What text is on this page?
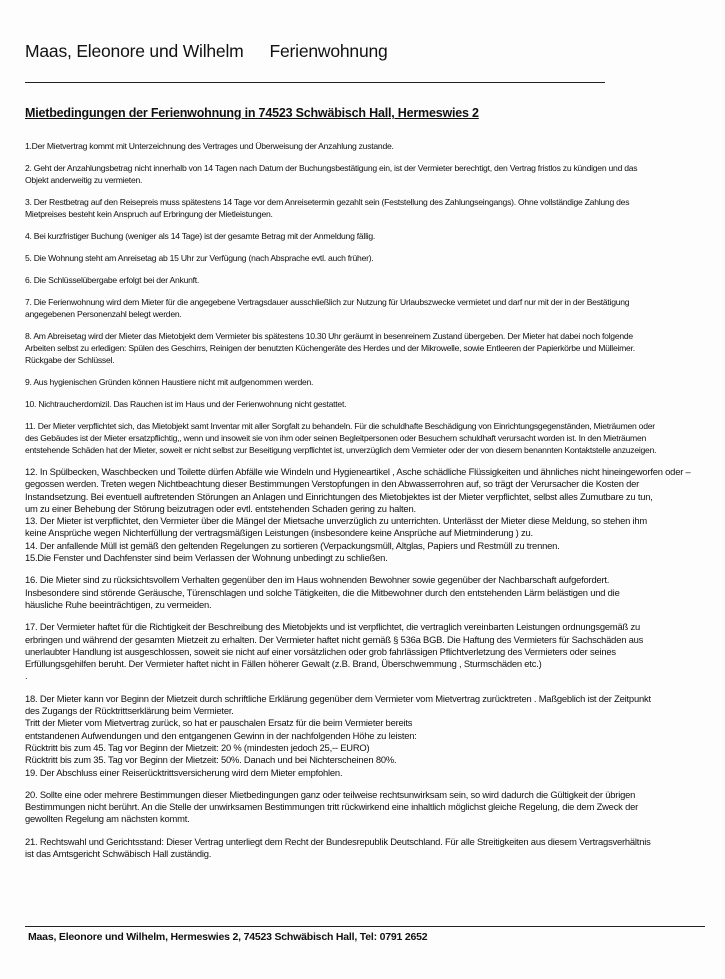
Maas, Eleonore und Wilhelm Ferienwohnung
Mietbedingungen der Ferienwohnung in 74523 Schwäbisch Hall, Hermeswies 2
1.Der Mietvertrag kommt mit Unterzeichnung des Vertrages und Überweisung der Anzahlung zustande.
2. Geht der Anzahlungsbetrag nicht innerhalb von 14 Tagen nach Datum der Buchungsbestätigung ein, ist der Vermieter berechtigt, den Vertrag fristlos zu kündigen und das
Objekt anderweitig zu vermieten.
3. Der Restbetrag auf den Reisepreis muss spätestens 14 Tage vor dem Anreisetermin gezahlt sein (Feststellung des Zahlungseingangs). Ohne vollständige Zahlung des
Mietpreises besteht kein Anspruch auf Erbringung der Mietleistungen.
4. Bei kurzfristiger Buchung (weniger als 14 Tage) ist der gesamte Betrag mit der Anmeldung fällig.
5. Die Wohnung steht am Anreisetag ab 15 Uhr zur Verfügung (nach Absprache evtl. auch früher).
6. Die Schlüsselübergabe erfolgt bei der Ankunft.
7. Die Ferienwohnung wird dem Mieter für die angegebene Vertragsdauer ausschließlich zur Nutzung für Urlaubszwecke vermietet und darf nur mit der in der Bestätigung
angegebenen Personenzahl belegt werden.
8. Am Abreisetag wird der Mieter das Mietobjekt dem Vermieter bis spätestens 10.30 Uhr geräumt in besenreinem Zustand übergeben. Der Mieter hat dabei noch folgende
Arbeiten selbst zu erledigen: Spülen des Geschirrs, Reinigen der benutzten Küchengeräte des Herdes und der Mikrowelle, sowie Entleeren der Papierkörbe und Mülleimer.
Rückgabe der Schlüssel.
9. Aus hygienischen Gründen können Haustiere nicht mit aufgenommen werden.
10. Nichtraucherdomizil. Das Rauchen ist im Haus und der Ferienwohnung nicht gestattet.
11. Der Mieter verpflichtet sich, das Mietobjekt samt Inventar mit aller Sorgfalt zu behandeln. Für die schuldhafte Beschädigung von Einrichtungsgegenständen, Mieträumen oder
des Gebäudes ist der Mieter ersatzpflichtig,, wenn und insoweit sie von ihm oder seinen Begleitpersonen oder Besuchern schuldhaft verursacht worden ist. In den Mieträumen
entstehende Schäden hat der Mieter, soweit er nicht selbst zur Beseitigung verpflichtet ist, unverzüglich dem Vermieter oder der von diesem benannten Kontaktstelle anzuzeigen.
12. In Spülbecken, Waschbecken und Toilette dürfen Abfälle wie Windeln und Hygieneartikel , Asche schädliche Flüssigkeiten und ähnliches nicht hineingeworfen oder –
gegossen werden. Treten wegen Nichtbeachtung dieser Bestimmungen Verstopfungen in den Abwasserrohren auf, so trägt der Verursacher die Kosten der
Instandsetzung. Bei eventuell auftretenden Störungen an Anlagen und Einrichtungen des Mietobjektes ist der Mieter verpflichtet, selbst alles Zumutbare zu tun,
um zu einer Behebung der Störung beizutragen oder evtl. entstehenden Schaden gering zu halten.
13. Der Mieter ist verpflichtet, den Vermieter über die Mängel der Mietsache unverzüglich zu unterrichten. Unterlässt der Mieter diese Meldung, so stehen ihm
keine Ansprüche wegen Nichterfüllung der vertragsmäßigen Leistungen (insbesondere keine Ansprüche auf Mietminderung ) zu.
14. Der anfallende Müll ist gemäß den geltenden Regelungen zu sortieren (Verpackungsmüll, Altglas, Papiers und Restmüll zu trennen.
15.Die Fenster und Dachfenster sind beim Verlassen der Wohnung unbedingt zu schließen.
16. Die Mieter sind zu rücksichtsvollem Verhalten gegenüber den im Haus wohnenden Bewohner sowie gegenüber der Nachbarschaft aufgefordert.
Insbesondere sind störende Geräusche, Türenschlagen und solche Tätigkeiten, die die Mitbewohner durch den entstehenden Lärm belästigen und die
häusliche Ruhe beeinträchtigen, zu vermeiden.
17. Der Vermieter haftet für die Richtigkeit der Beschreibung des Mietobjekts und ist verpflichtet, die vertraglich vereinbarten Leistungen ordnungsgemäß zu
erbringen und während der gesamten Mietzeit zu erhalten. Der Vermieter haftet nicht gemäß § 536a BGB. Die Haftung des Vermieters für Sachschäden aus
unerlaubter Handlung ist ausgeschlossen, soweit sie nicht auf einer vorsätzlichen oder grob fahrlässigen Pflichtverletzung des Vermieters oder seines
Erfüllungsgehilfen beruht. Der Vermieter haftet nicht in Fällen höherer Gewalt (z.B. Brand, Überschwemmung , Sturmschäden etc.)
.
18. Der Mieter kann vor Beginn der Mietzeit durch schriftliche Erklärung gegenüber dem Vermieter vom Mietvertrag zurücktreten . Maßgeblich ist der Zeitpunkt
des Zugangs der Rücktrittserklärung beim Vermieter.
Tritt der Mieter vom Mietvertrag zurück, so hat er pauschalen Ersatz für die beim Vermieter bereits
entstandenen Aufwendungen und den entgangenen Gewinn in der nachfolgenden Höhe zu leisten:
Rücktritt bis zum 45. Tag vor Beginn der Mietzeit: 20 % (mindesten jedoch 25,-- EURO)
Rücktritt bis zum 35. Tag vor Beginn der Mietzeit: 50%. Danach und bei Nichterscheinen 80%.
19. Der Abschluss einer Reiserücktrittsversicherung wird dem Mieter empfohlen.
20. Sollte eine oder mehrere Bestimmungen dieser Mietbedingungen ganz oder teilweise rechtsunwirksam sein, so wird dadurch die Gültigkeit der übrigen
Bestimmungen nicht berührt. An die Stelle der unwirksamen Bestimmungen tritt rückwirkend eine inhaltlich möglichst gleiche Regelung, die dem Zweck der
gewollten Regelung am nächsten kommt.
21. Rechtswahl und Gerichtsstand: Dieser Vertrag unterliegt dem Recht der Bundesrepublik Deutschland. Für alle Streitigkeiten aus diesem Vertragsverhältnis
ist das Amtsgericht Schwäbisch Hall zuständig.
Maas, Eleonore und Wilhelm, Hermeswies 2, 74523 Schwäbisch Hall, Tel: 0791 2652
